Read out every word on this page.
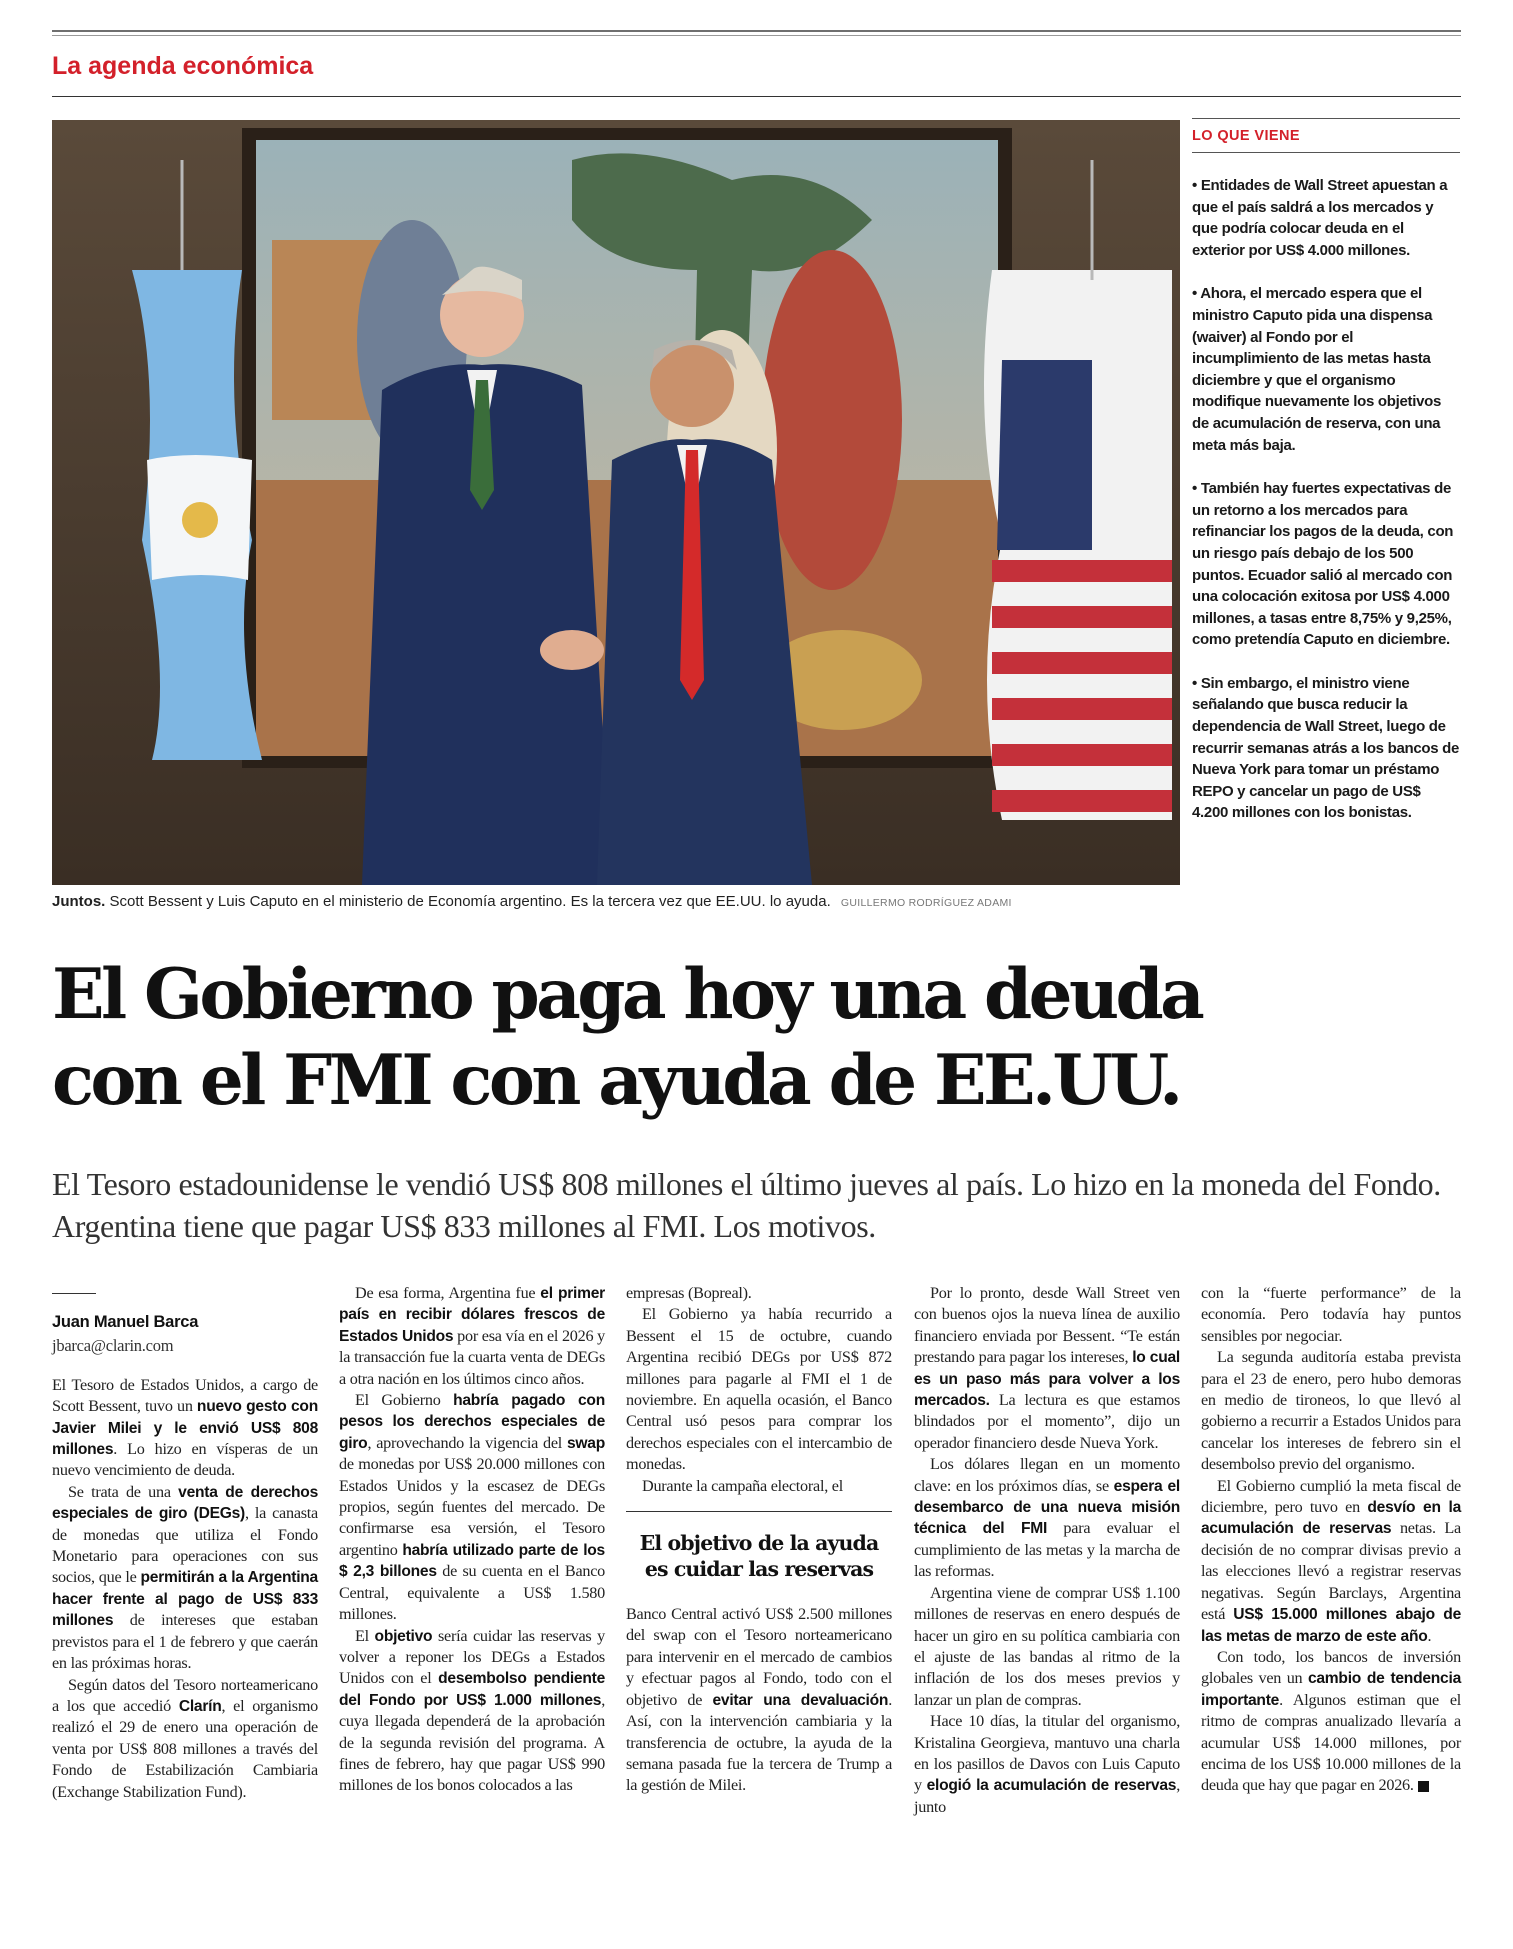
La agenda económica
Juntos. Scott Bessent y Luis Caputo en el ministerio de Economía argentino. Es la tercera vez que EE.UU. lo ayuda. GUILLERMO RODRÍGUEZ ADAMI
LO QUE VIENE
• Entidades de Wall Street apuestan a que el país saldrá a los mercados y que podría colocar deuda en el exterior por US$ 4.000 millones.
• Ahora, el mercado espera que el ministro Caputo pida una dispensa (waiver) al Fondo por el incumplimiento de las metas hasta diciembre y que el organismo modifique nuevamente los objetivos de acumulación de reserva, con una meta más baja.
• También hay fuertes expectativas de un retorno a los mercados para refinanciar los pagos de la deuda, con un riesgo país debajo de los 500 puntos. Ecuador salió al mercado con una colocación exitosa por US$ 4.000 millones, a tasas entre 8,75% y 9,25%, como pretendía Caputo en diciembre.
• Sin embargo, el ministro viene señalando que busca reducir la dependencia de Wall Street, luego de recurrir semanas atrás a los bancos de Nueva York para tomar un préstamo REPO y cancelar un pago de US$ 4.200 millones con los bonistas.
El Gobierno paga hoy una deuda
con el FMI con ayuda de EE.UU.
El Tesoro estadounidense le vendió US$ 808 millones el último jueves al país. Lo hizo en la moneda del Fondo. Argentina tiene que pagar US$ 833 millones al FMI. Los motivos.
Juan Manuel Barca
jbarca@clarin.com

El Tesoro de Estados Unidos, a cargo de Scott Bessent, tuvo un nuevo gesto con Javier Milei y le envió US$ 808 millones. Lo hizo en vísperas de un nuevo vencimiento de deuda.

Se trata de una venta de derechos especiales de giro (DEGs), la canasta de monedas que utiliza el Fondo Monetario para operaciones con sus socios, que le permitirán a la Argentina hacer frente al pago de US$ 833 millones de intereses que estaban previstos para el 1 de febrero y que caerán en las próximas horas.

Según datos del Tesoro norteamericano a los que accedió Clarín, el organismo realizó el 29 de enero una operación de venta por US$ 808 millones a través del Fondo de Estabilización Cambiaria (Exchange Stabilization Fund).

De esa forma, Argentina fue el primer país en recibir dólares frescos de Estados Unidos por esa vía en el 2026 y la transacción fue la cuarta venta de DEGs a otra nación en los últimos cinco años.

El Gobierno habría pagado con pesos los derechos especiales de giro, aprovechando la vigencia del swap de monedas por US$ 20.000 millones con Estados Unidos y la escasez de DEGs propios, según fuentes del mercado. De confirmarse esa versión, el Tesoro argentino habría utilizado parte de los $ 2,3 billones de su cuenta en el Banco Central, equivalente a US$ 1.580 millones.

El objetivo sería cuidar las reservas y volver a reponer los DEGs a Estados Unidos con el desembolso pendiente del Fondo por US$ 1.000 millones, cuya llegada dependerá de la aprobación de la segunda revisión del programa. A fines de febrero, hay que pagar US$ 990 millones de los bonos colocados a las

empresas (Bopreal).

El Gobierno ya había recurrido a Bessent el 15 de octubre, cuando Argentina recibió DEGs por US$ 872 millones para pagarle al FMI el 1 de noviembre. En aquella ocasión, el Banco Central usó pesos para comprar los derechos especiales con el intercambio de monedas.

Durante la campaña electoral, el

El objetivo de la ayuda es cuidar las reservas

Banco Central activó US$ 2.500 millones del swap con el Tesoro norteamericano para intervenir en el mercado de cambios y efectuar pagos al Fondo, todo con el objetivo de evitar una devaluación. Así, con la intervención cambiaria y la transferencia de octubre, la ayuda de la semana pasada fue la tercera de Trump a la gestión de Milei.

Por lo pronto, desde Wall Street ven con buenos ojos la nueva línea de auxilio financiero enviada por Bessent. “Te están prestando para pagar los intereses, lo cual es un paso más para volver a los mercados. La lectura es que estamos blindados por el momento”, dijo un operador financiero desde Nueva York.

Los dólares llegan en un momento clave: en los próximos días, se espera el desembarco de una nueva misión técnica del FMI para evaluar el cumplimiento de las metas y la marcha de las reformas.

Argentina viene de comprar US$ 1.100 millones de reservas en enero después de hacer un giro en su política cambiaria con el ajuste de las bandas al ritmo de la inflación de los dos meses previos y lanzar un plan de compras.

Hace 10 días, la titular del organismo, Kristalina Georgieva, mantuvo una charla en los pasillos de Davos con Luis Caputo y elogió la acumulación de reservas, junto

con la “fuerte performance” de la economía. Pero todavía hay puntos sensibles por negociar.

La segunda auditoría estaba prevista para el 23 de enero, pero hubo demoras en medio de tironeos, lo que llevó al gobierno a recurrir a Estados Unidos para cancelar los intereses de febrero sin el desembolso previo del organismo.

El Gobierno cumplió la meta fiscal de diciembre, pero tuvo en desvío en la acumulación de reservas netas. La decisión de no comprar divisas previo a las elecciones llevó a registrar reservas negativas. Según Barclays, Argentina está US$ 15.000 millones abajo de las metas de marzo de este año.

Con todo, los bancos de inversión globales ven un cambio de tendencia importante. Algunos estiman que el ritmo de compras anualizado llevaría a acumular US$ 14.000 millones, por encima de los US$ 10.000 millones de la deuda que hay que pagar en 2026.
